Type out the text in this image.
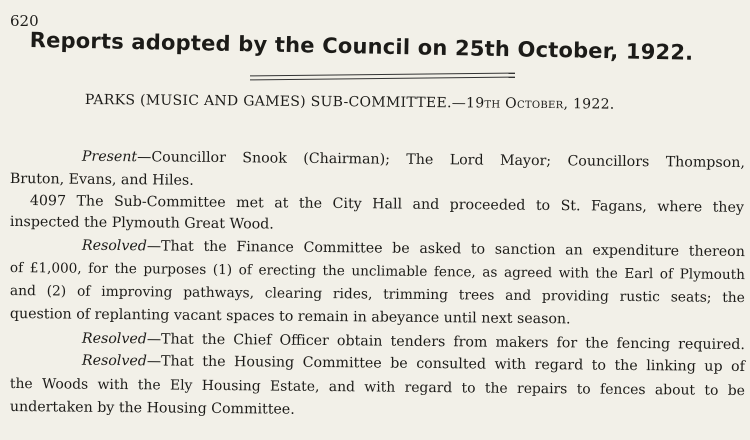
620
Reports adopted by the Council on 25th October, 1922.
PARKS (MUSIC AND GAMES) SUB-COMMITTEE.—19th October, 1922.
Present—Councillor Snook (Chairman); The Lord Mayor; Councillors Thompson,
Bruton, Evans, and Hiles.
4097 The Sub-Committee met at the City Hall and proceeded to St. Fagans, where they
inspected the Plymouth Great Wood.
Resolved—That the Finance Committee be asked to sanction an expenditure thereon
of £1,000, for the purposes (1) of erecting the unclimable fence, as agreed with the Earl of Plymouth
and (2) of improving pathways, clearing rides, trimming trees and providing rustic seats; the
question of replanting vacant spaces to remain in abeyance until next season.
Resolved—That the Chief Officer obtain tenders from makers for the fencing required.
Resolved—That the Housing Committee be consulted with regard to the linking up of
the Woods with the Ely Housing Estate, and with regard to the repairs to fences about to be
undertaken by the Housing Committee.
